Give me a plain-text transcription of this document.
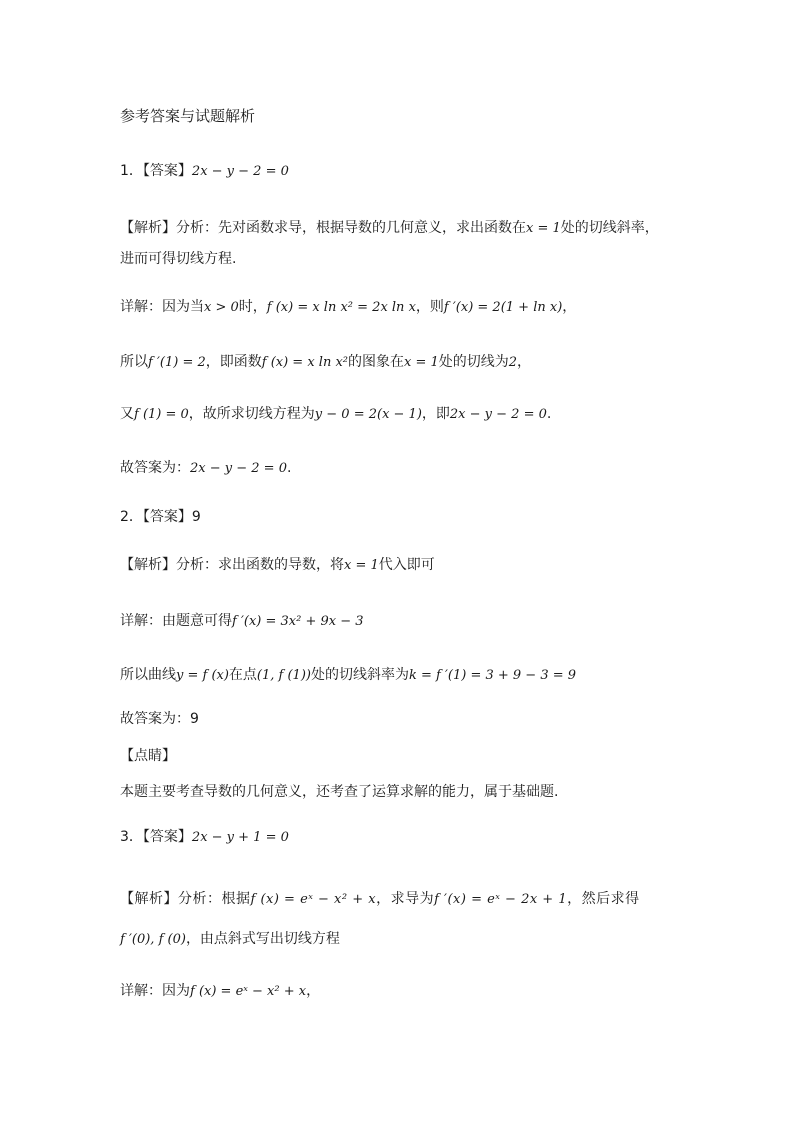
参考答案与试题解析
1．【答案】2x − y − 2 = 0
【解析】分析：先对函数求导，根据导数的几何意义，求出函数在x = 1处的切线斜率，
进而可得切线方程.
详解：因为当x > 0时，f (x) = x ln x² = 2x ln x，则f ′(x) = 2(1 + ln x)，
所以f ′(1) = 2，即函数f (x) = x ln x²的图象在x = 1处的切线为2，
又f (1) = 0，故所求切线方程为y − 0 = 2(x − 1)，即2x − y − 2 = 0.
故答案为：2x − y − 2 = 0.
2．【答案】9
【解析】分析：求出函数的导数，将x = 1代入即可
详解：由题意可得f ′(x) = 3x² + 9x − 3
所以曲线y = f (x)在点(1, f (1))处的切线斜率为k = f ′(1) = 3 + 9 − 3 = 9
故答案为：9
【点睛】
本题主要考查导数的几何意义，还考查了运算求解的能力，属于基础题.
3．【答案】2x − y + 1 = 0
【解析】分析：根据f (x) = eˣ − x² + x，求导为f ′(x) = eˣ − 2x + 1，然后求得
f ′(0), f (0)，由点斜式写出切线方程
详解：因为f (x) = eˣ − x² + x，
